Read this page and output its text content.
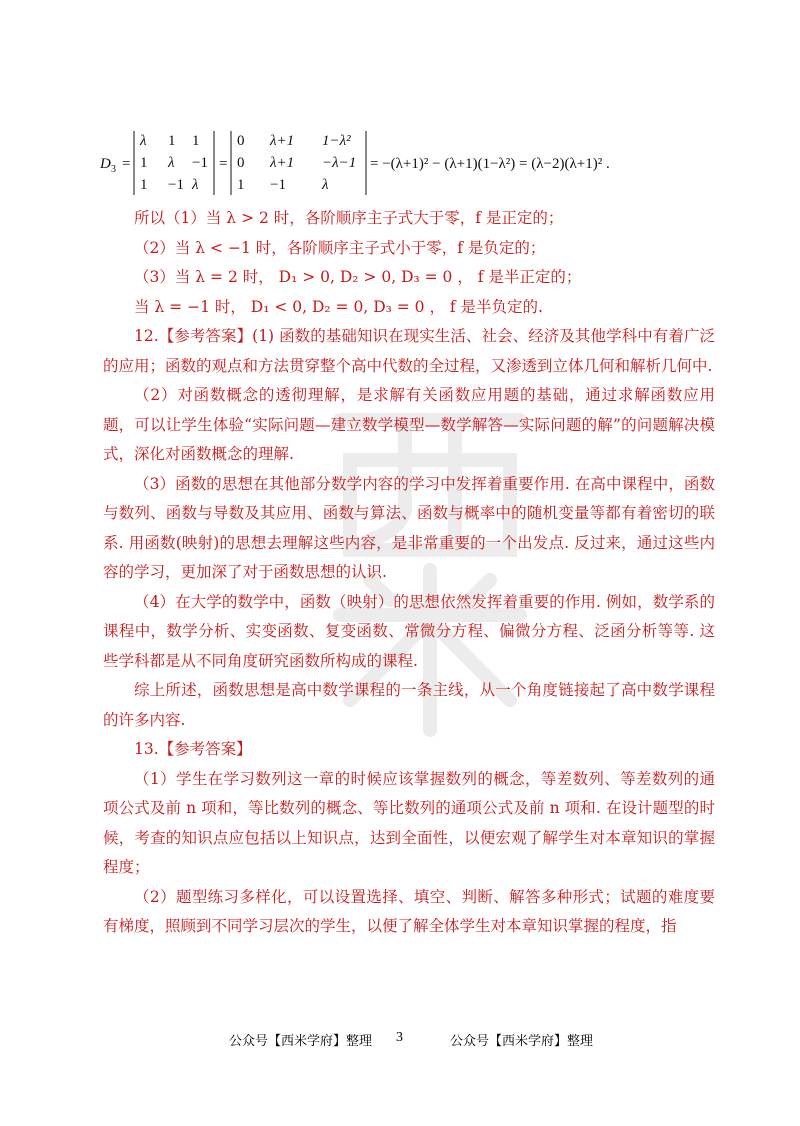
D 3 =
λ 1 1
1 λ −1
1 −1 λ
=
0 λ+1 1−λ²
0 λ+1 −λ−1
1 −1 λ
= −(λ+1)² − (λ+1)(1−λ²) = (λ−2)(λ+1)² .

所以（1）当 λ > 2 时，各阶顺序主子式大于零，f 是正定的；

（2）当 λ < −1 时，各阶顺序主子式小于零，f 是负定的；

（3）当 λ = 2 时， D₁ > 0, D₂ > 0, D₃ = 0 ， f 是半正定的；

当 λ = −1 时， D₁ < 0, D₂ = 0, D₃ = 0 ， f 是半负定的.

12.【参考答案】(1) 函数的基础知识在现实生活、社会、经济及其他学科中有着广泛的应用；函数的观点和方法贯穿整个高中代数的全过程，又渗透到立体几何和解析几何中.

（2）对函数概念的透彻理解，是求解有关函数应用题的基础，通过求解函数应用题，可以让学生体验“实际问题—建立数学模型—数学解答—实际问题的解”的问题解决模式，深化对函数概念的理解.

（3）函数的思想在其他部分数学内容的学习中发挥着重要作用. 在高中课程中，函数与数列、函数与导数及其应用、函数与算法、函数与概率中的随机变量等都有着密切的联系. 用函数(映射)的思想去理解这些内容，是非常重要的一个出发点. 反过来，通过这些内容的学习，更加深了对于函数思想的认识.

（4）在大学的数学中，函数（映射）的思想依然发挥着重要的作用. 例如，数学系的课程中，数学分析、实变函数、复变函数、常微分方程、偏微分方程、泛函分析等等. 这些学科都是从不同角度研究函数所构成的课程.

综上所述，函数思想是高中数学课程的一条主线，从一个角度链接起了高中数学课程的许多内容.

13.【参考答案】

（1）学生在学习数列这一章的时候应该掌握数列的概念，等差数列、等差数列的通项公式及前 n 项和，等比数列的概念、等比数列的通项公式及前 n 项和. 在设计题型的时候，考查的知识点应包括以上知识点，达到全面性，以便宏观了解学生对本章知识的掌握程度；

（2）题型练习多样化，可以设置选择、填空、判断、解答多种形式；试题的难度要有梯度，照顾到不同学习层次的学生，以便了解全体学生对本章知识掌握的程度，指

公众号【西米学府】整理 3	公众号【西米学府】整理
